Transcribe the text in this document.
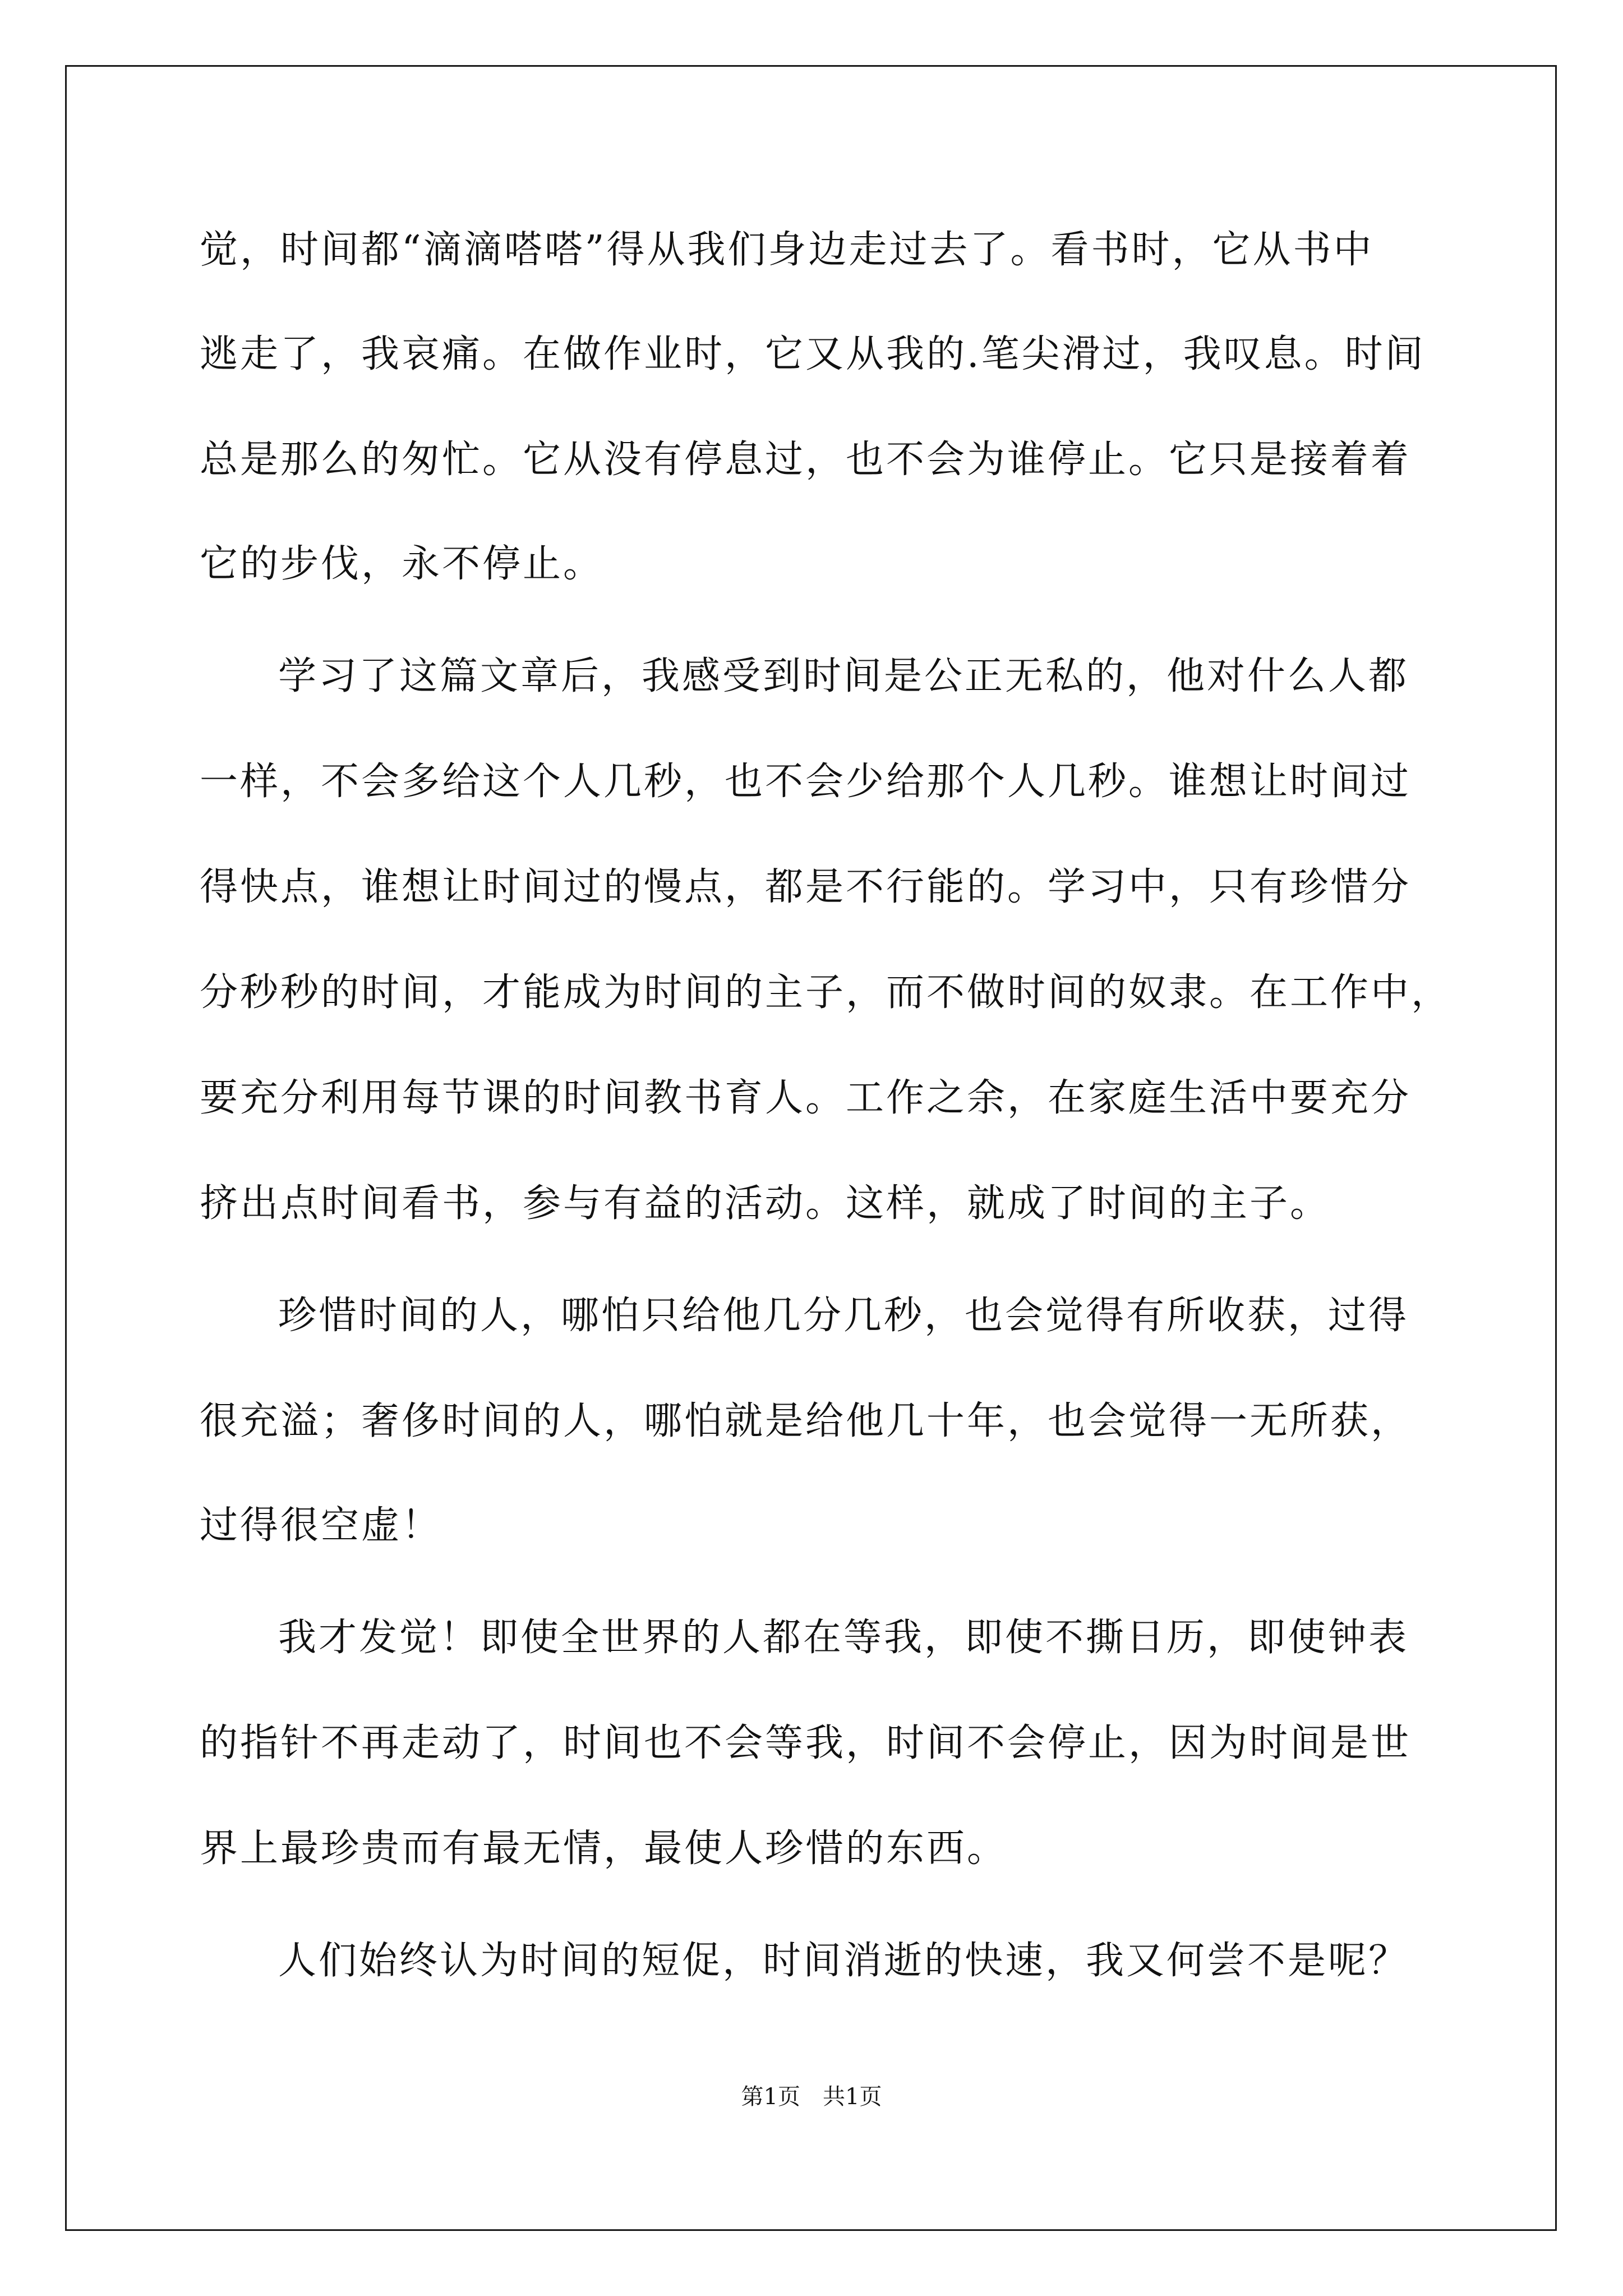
觉，时间都“滴滴嗒嗒”得从我们身边走过去了。看书时，它从书中
逃走了，我哀痛。在做作业时，它又从我的.笔尖滑过，我叹息。时间
总是那么的匆忙。它从没有停息过，也不会为谁停止。它只是接着着
它的步伐，永不停止。
学习了这篇文章后，我感受到时间是公正无私的，他对什么人都
一样，不会多给这个人几秒，也不会少给那个人几秒。谁想让时间过
得快点，谁想让时间过的慢点，都是不行能的。学习中，只有珍惜分
分秒秒的时间，才能成为时间的主子，而不做时间的奴隶。在工作中，
要充分利用每节课的时间教书育人。工作之余，在家庭生活中要充分
挤出点时间看书，参与有益的活动。这样，就成了时间的主子。
珍惜时间的人，哪怕只给他几分几秒，也会觉得有所收获，过得
很充溢；奢侈时间的人，哪怕就是给他几十年，也会觉得一无所获，
过得很空虚！
我才发觉！即使全世界的人都在等我，即使不撕日历，即使钟表
的指针不再走动了，时间也不会等我，时间不会停止，因为时间是世
界上最珍贵而有最无情，最使人珍惜的东西。
人们始终认为时间的短促，时间消逝的快速，我又何尝不是呢？
第1页　共1页
